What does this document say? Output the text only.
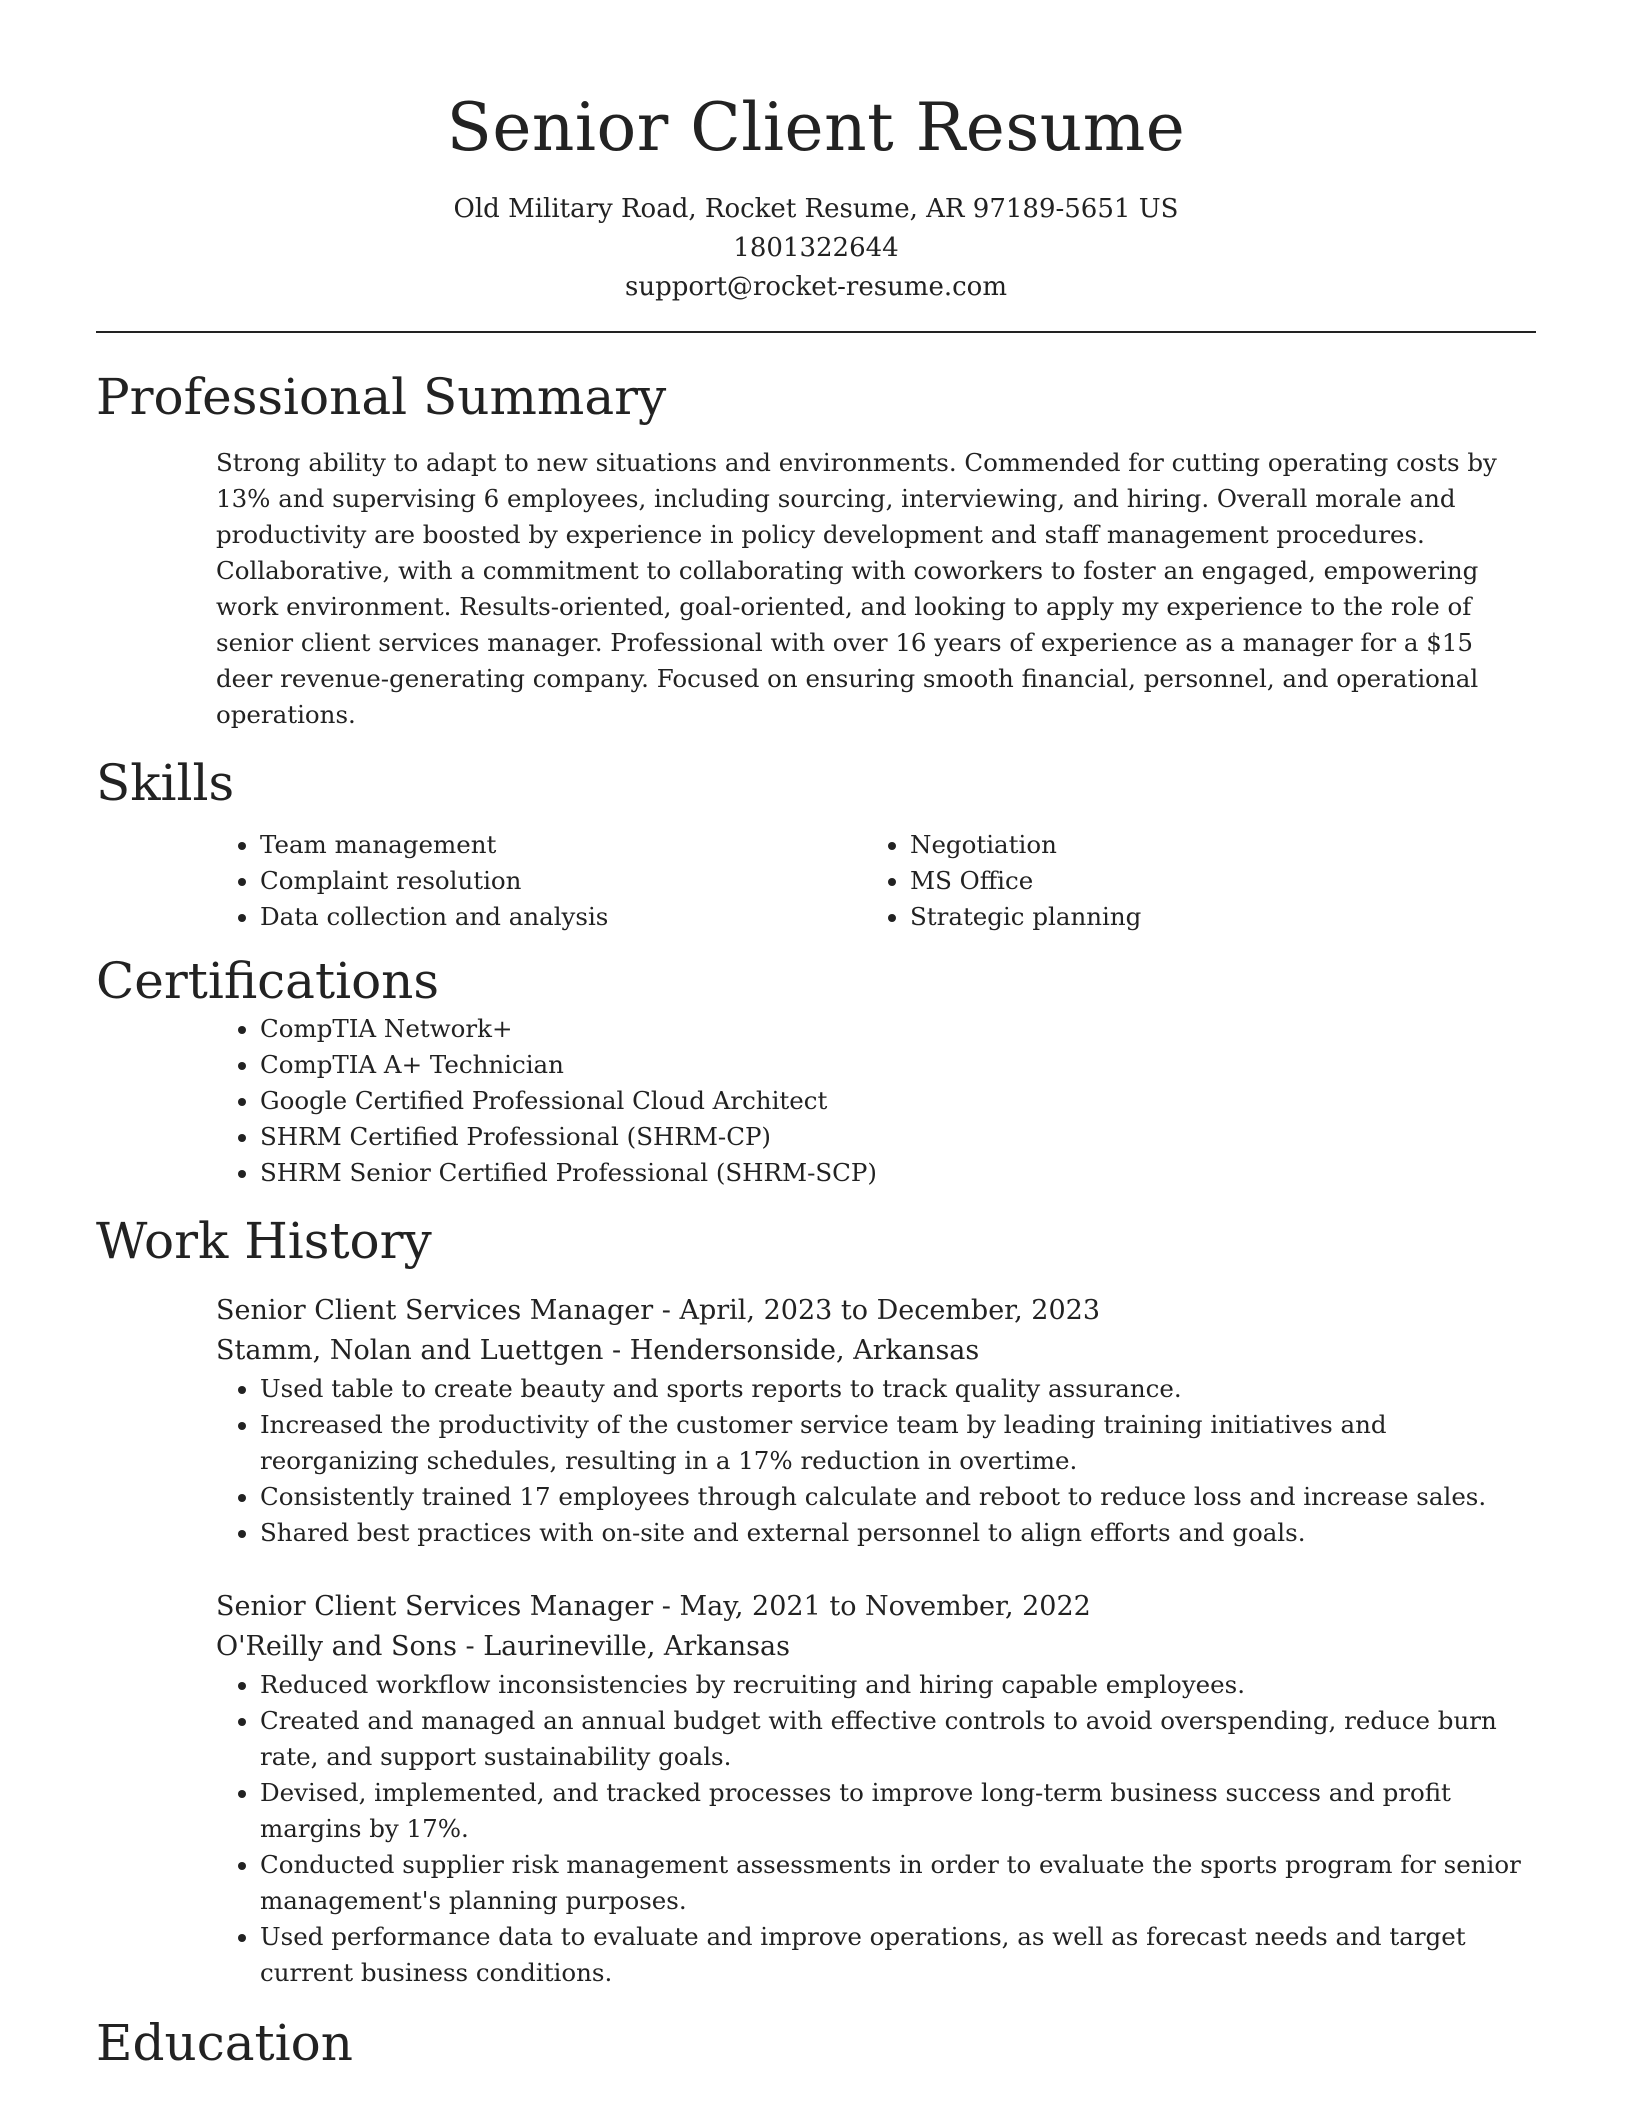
Senior Client Resume
Old Military Road, Rocket Resume, AR 97189-5651 US
1801322644
support@rocket-resume.com
Professional Summary

Strong ability to adapt to new situations and environments. Commended for cutting operating costs by 13% and supervising 6 employees, including sourcing, interviewing, and hiring. Overall morale and productivity are boosted by experience in policy development and staff management procedures. Collaborative, with a commitment to collaborating with coworkers to foster an engaged, empowering work environment. Results-oriented, goal-oriented, and looking to apply my experience to the role of senior client services manager. Professional with over 16 years of experience as a manager for a $15 deer revenue-generating company. Focused on ensuring smooth financial, personnel, and operational operations.

Skills
• Team management
• Complaint resolution
• Data collection and analysis
• Negotiation
• MS Office
• Strategic planning
Certifications
• CompTIA Network+
• CompTIA A+ Technician
• Google Certified Professional Cloud Architect
• SHRM Certified Professional (SHRM-CP)
• SHRM Senior Certified Professional (SHRM-SCP)
Work History
Senior Client Services Manager - April, 2023 to December, 2023
Stamm, Nolan and Luettgen - Hendersonside, Arkansas
• Used table to create beauty and sports reports to track quality assurance.
• Increased the productivity of the customer service team by leading training initiatives and reorganizing schedules, resulting in a 17% reduction in overtime.
• Consistently trained 17 employees through calculate and reboot to reduce loss and increase sales.
• Shared best practices with on-site and external personnel to align efforts and goals.
Senior Client Services Manager - May, 2021 to November, 2022
O'Reilly and Sons - Laurineville, Arkansas
• Reduced workflow inconsistencies by recruiting and hiring capable employees.
• Created and managed an annual budget with effective controls to avoid overspending, reduce burn rate, and support sustainability goals.
• Devised, implemented, and tracked processes to improve long-term business success and profit margins by 17%.
• Conducted supplier risk management assessments in order to evaluate the sports program for senior management's planning purposes.
• Used performance data to evaluate and improve operations, as well as forecast needs and target current business conditions.
Education
